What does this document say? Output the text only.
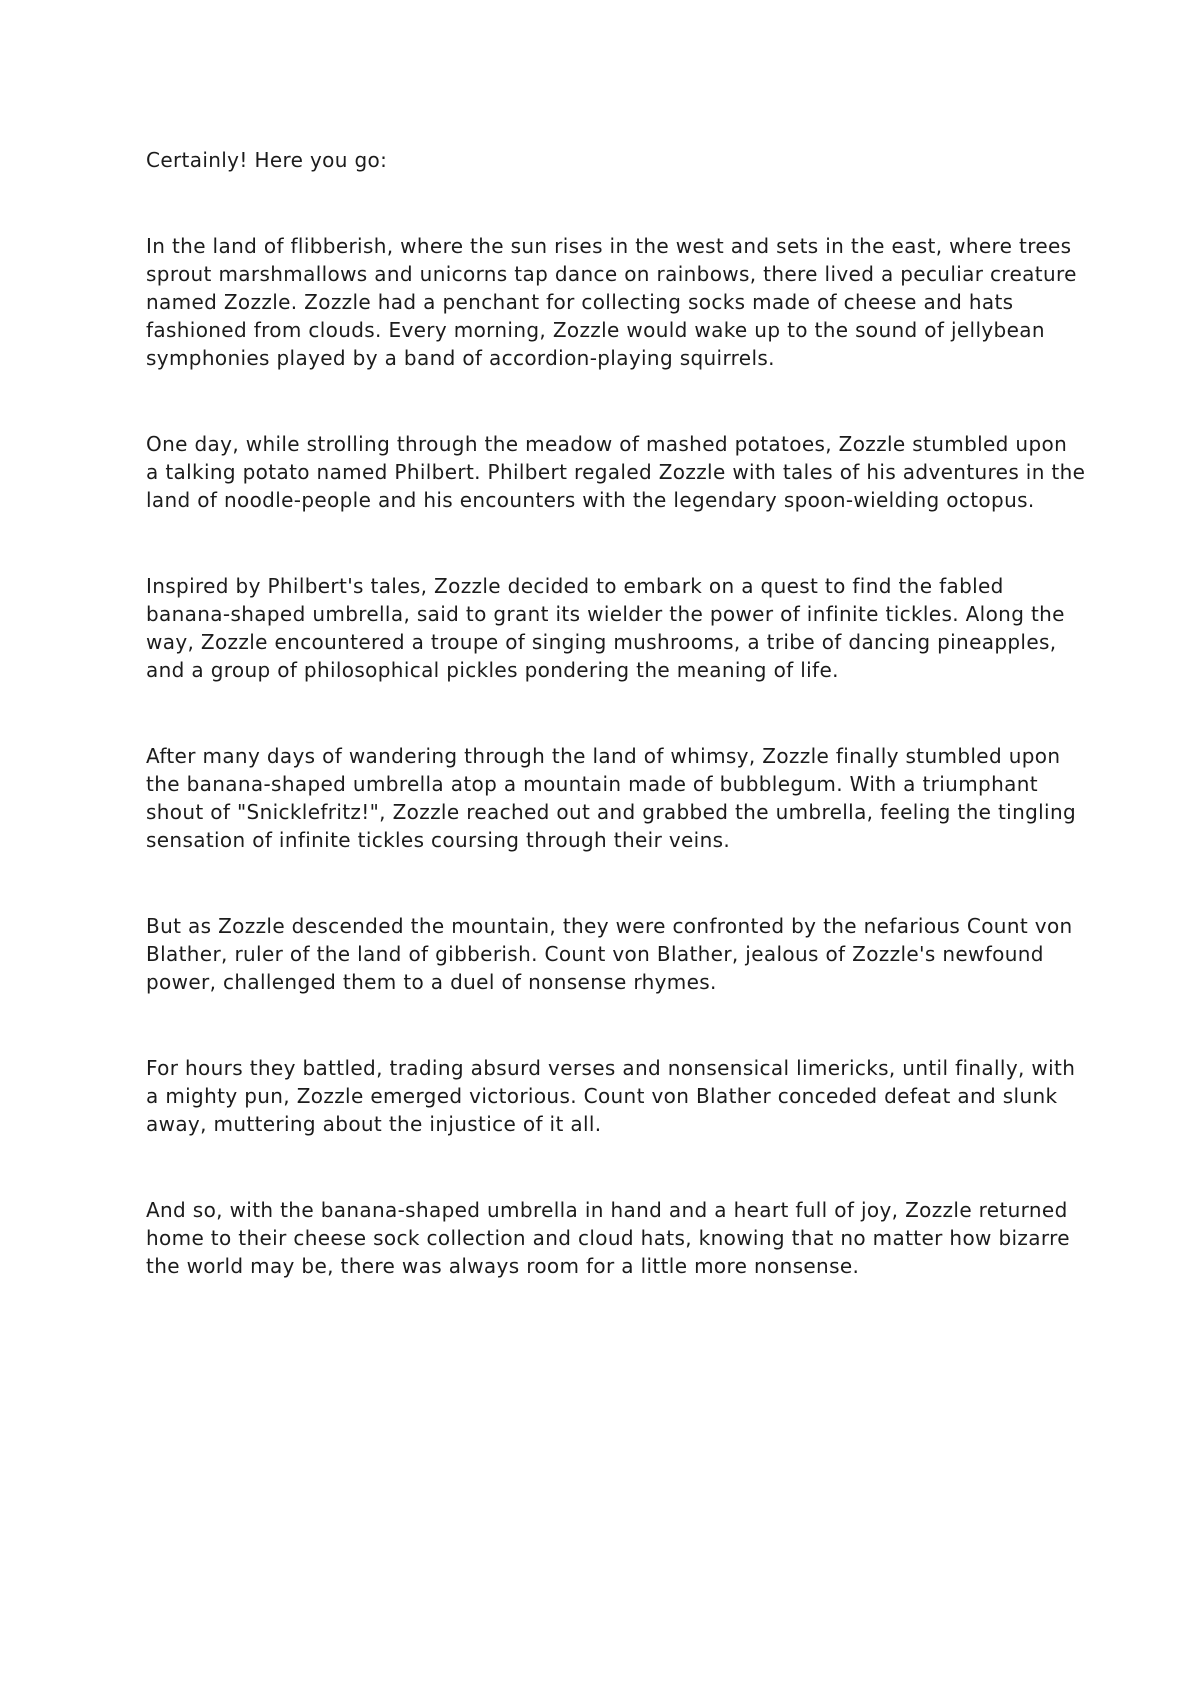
Certainly! Here you go:

In the land of flibberish, where the sun rises in the west and sets in the east, where trees sprout marshmallows and unicorns tap dance on rainbows, there lived a peculiar creature named Zozzle. Zozzle had a penchant for collecting socks made of cheese and hats fashioned from clouds. Every morning, Zozzle would wake up to the sound of jellybean symphonies played by a band of accordion-playing squirrels.

One day, while strolling through the meadow of mashed potatoes, Zozzle stumbled upon a talking potato named Philbert. Philbert regaled Zozzle with tales of his adventures in the land of noodle-people and his encounters with the legendary spoon-wielding octopus.

Inspired by Philbert's tales, Zozzle decided to embark on a quest to find the fabled banana-shaped umbrella, said to grant its wielder the power of infinite tickles. Along the way, Zozzle encountered a troupe of singing mushrooms, a tribe of dancing pineapples, and a group of philosophical pickles pondering the meaning of life.

After many days of wandering through the land of whimsy, Zozzle finally stumbled upon the banana-shaped umbrella atop a mountain made of bubblegum. With a triumphant shout of "Snicklefritz!", Zozzle reached out and grabbed the umbrella, feeling the tingling sensation of infinite tickles coursing through their veins.

But as Zozzle descended the mountain, they were confronted by the nefarious Count von Blather, ruler of the land of gibberish. Count von Blather, jealous of Zozzle's newfound power, challenged them to a duel of nonsense rhymes.

For hours they battled, trading absurd verses and nonsensical limericks, until finally, with a mighty pun, Zozzle emerged victorious. Count von Blather conceded defeat and slunk away, muttering about the injustice of it all.

And so, with the banana-shaped umbrella in hand and a heart full of joy, Zozzle returned home to their cheese sock collection and cloud hats, knowing that no matter how bizarre the world may be, there was always room for a little more nonsense.
